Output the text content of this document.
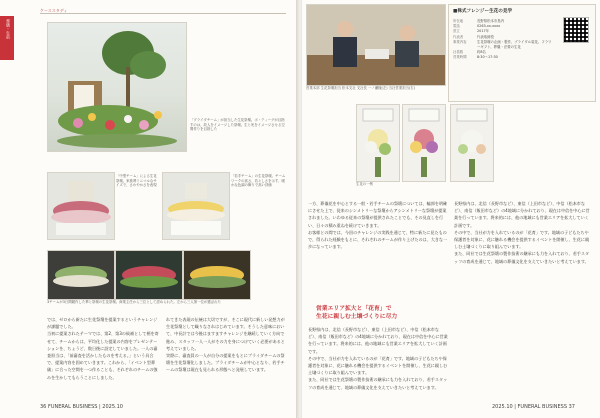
ケーススタディ
葬儀・生前
「プライダチーム」が担当した生花祭壇。ボ・ティーグが目指すのは、故人をイメージした祭壇。生と死をイメージさせる空間作りを目指した
「中型チーム」による生花祭壇。家族葬ミニマルなサイズで、さわやかさを表現
「若手チーム」の生花祭壇。チームワークの高さ、若々しさを示す、暖かな色調の飾りで高い評価
3チームが3日間競作した華と祭壇の生花祭壇。商業主任から三位として認められた。左から三人第一位が選ばれた
では、ゼロから新たに生花祭壇を提案するというチャレンジが課題でした。
当初に提案されたテーマでは、第2、第3の候補として柄を寄せて、チームからは、平均化した提案の内容をプレゼンテーションを、ちょうど、数日後に設定していました。一人の審査担当は、「前審査を活かしたものを考える。」という具合で、提案内容を固めていきます。これから、「イベント型葬儀」に合った空間を一つ作ることも、それぞれのチームの強みを生かしてもらうことにしました。
れてきた表現の伝統は大切ですが、そこに現代に新しい発想力が生花祭壇として織りなされはじめています。そうした意味において、中長計では今後はますますチャレンジを継続していく方向で進み、スタッフ一人一人がその力を身につけていく必要があると考えていました。
実際に、審査員の一人が自分の提案をもとにプライダチームの祭壇を生花祭壇化しました。プライダチームが中心となり、若手チームの祭壇は現在も見られる形態へと発展しています。
36 FUNERAL BUSINESS | 2025.10
営業本部 生花祭壇担当 松本支社 支社長 一ノ瀬様(左) 当社営業担当(右)
■株式フレンジー生花の見学
所在地	長野県松本市島内
電話	0263-xx-xxxx
設立	2017年
代表者	代表取締役
事業内容	生花祭壇の企画・製作、ブライダル装花、フラワーギフト、葬儀・法要の生花
社員数	約8名
営業時間	8:30～17:30
生花の一例
一方、葬儀花を中心とする一般・若手チームの祭壇については、輪郭を明確にさせた上で、従来のシンメトリーな祭壇からアシンメトリーな祭壇が提案されました。いわゆる従来の祭壇が提供されたことでも、その見直しを行い、日々の積み重ねを続けていきます。
お客様との間では、今回のチャレンジの実践を通じて、特に新たに見たもので、得られた経験をもとに、それぞれのチームが作り上げたのは、大きな一歩になっています。
営業エリア拡大と「花育」で
生花に親しむ土壌づくりに尽力
長野県内は、北信（長野市など）、東信（上田市など）、中信（松本市など）、南信（飯田市など）の4地域に分かれており、現在は中信を中心に営業を行っています。将来的には、他の地域にも営業エリアを拡大していく計画です。
その中で、当社が力を入れているのが「花育」です。地域の子どもたちや保護者を対象に、花に触れる機会を提供するイベントを開催し、生花に親しむ土壌づくりに取り組んでいます。
また、同社では生花祭壇の製作技術の継承にも力を入れており、若手スタッフの育成を通じて、地域の葬儀文化を支えていきたいと考えています。
長野県内は、北信（長野市など）、東信（上田市など）、中信（松本市など）、南信（飯田市など）の4地域に分かれており、現在は中信を中心に営業を行っています。将来的には、他の地域にも営業エリアを拡大していく計画です。
その中で、当社が力を入れているのが「花育」です。地域の子どもたちや保護者を対象に、花に触れる機会を提供するイベントを開催し、生花に親しむ土壌づくりに取り組んでいます。
また、同社では生花祭壇の製作技術の継承にも力を入れており、若手スタッフの育成を通じて、地域の葬儀文化を支えていきたいと考えています。
2025.10 | FUNERAL BUSINESS 37
